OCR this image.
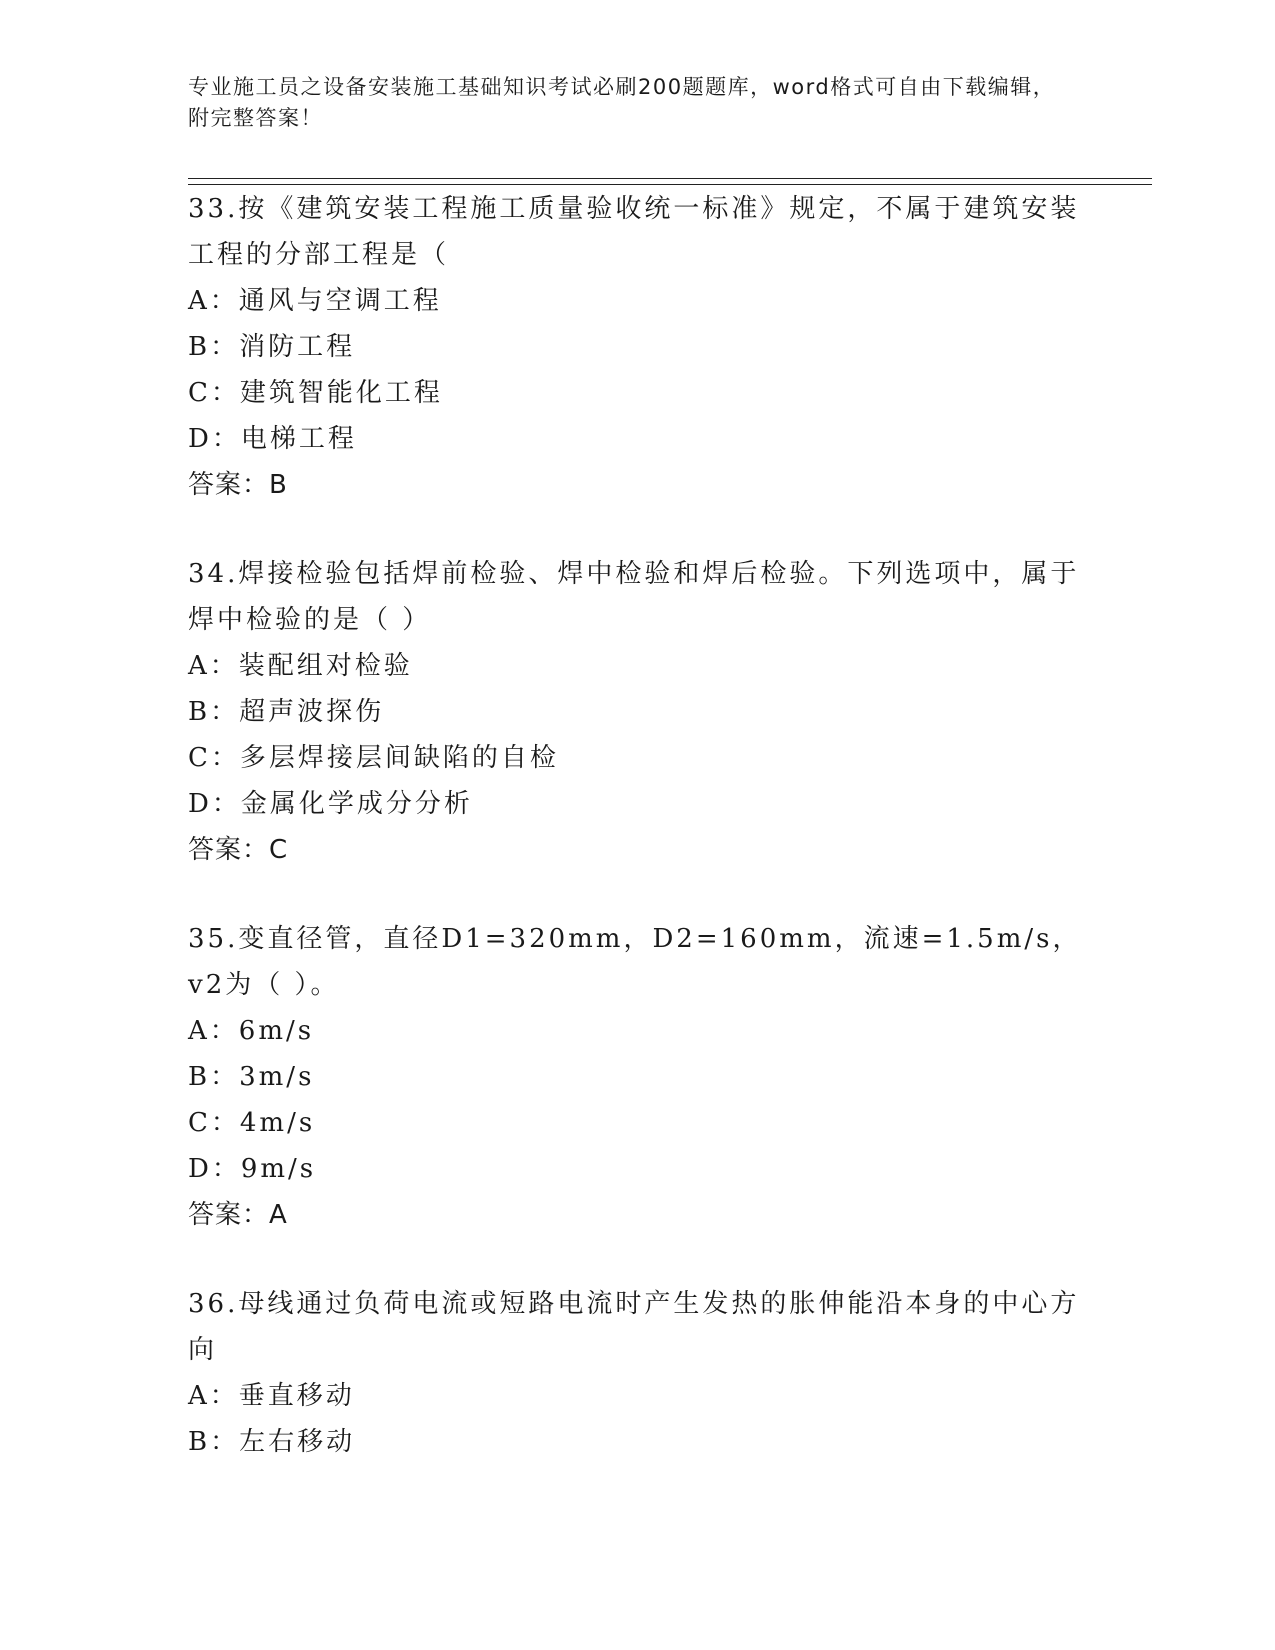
专业施工员之设备安装施工基础知识考试必刷200题题库，word格式可自由下载编辑，附完整答案！
33.按《建筑安装工程施工质量验收统一标准》规定，不属于建筑安装工程的分部工程是（
A：通风与空调工程
B：消防工程
C：建筑智能化工程
D：电梯工程
答案：B
34.焊接检验包括焊前检验、焊中检验和焊后检验。下列选项中，属于焊中检验的是（ ）
A：装配组对检验
B：超声波探伤
C：多层焊接层间缺陷的自检
D：金属化学成分分析
答案：C
35.变直径管，直径D1=320mm，D2=160mm，流速=1.5m/s，v2为（ ）。
A：6m/s
B：3m/s
C：4m/s
D：9m/s
答案：A
36.母线通过负荷电流或短路电流时产生发热的胀伸能沿本身的中心方向
A：垂直移动
B：左右移动
